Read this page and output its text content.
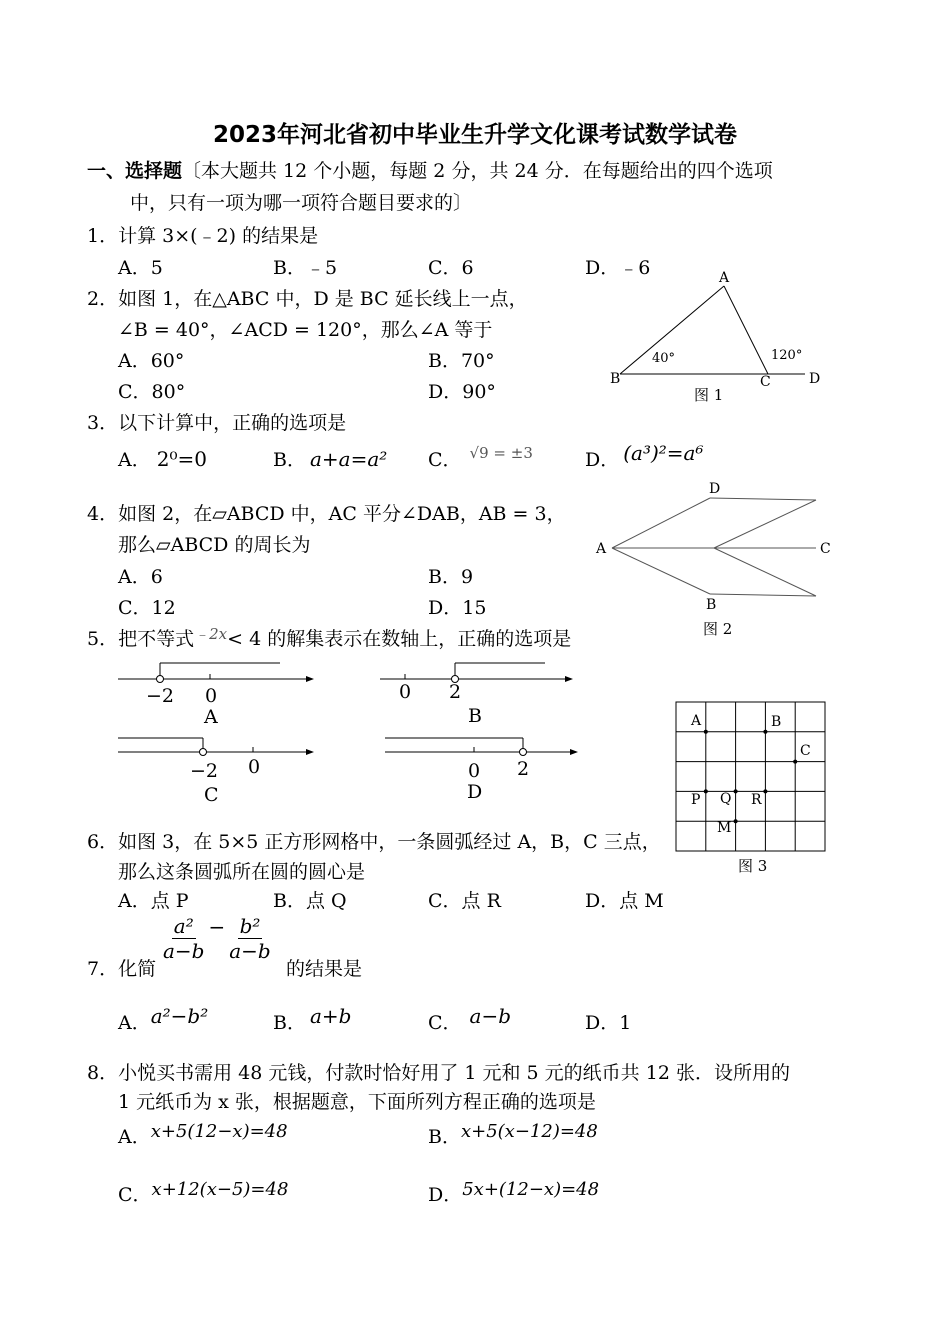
2023年河北省初中毕业生升学文化课考试数学试卷
一、选择题〔本大题共 12 个小题，每题 2 分，共 24 分．在每题给出的四个选项
中，只有一项为哪一项符合题目要求的〕
1．计算 3×(﹣2) 的结果是
A．5	B．﹣5	C．6	D．﹣6
2．如图 1，在△ABC 中，D 是 BC 延长线上一点，
∠B = 40°，∠ACD = 120°，那么∠A 等于
A．60°	B．70°
C．80°	D．90°
A
B	C	D
40°	120°
图 1
3．以下计算中，正确的选项是
A． 2⁰=0	B． a+a=a² C． $^{√9 = \pm 3}$	D． (a³)²=a⁶
4．如图 2，在▱ABCD 中，AC 平分∠DAB，AB = 3，
那么▱ABCD 的周长为
A．6	B．9
C．12	D．15
D
A	C
B
图 2
5．把不等式$^{﹣2x}$< 4 的解集表示在数轴上，正确的选项是
−2 0
A
0 2
B
−2 0
C
0 2
D
A	B
C
P Q R
M
图 3
6．如图 3，在 5×5 正方形网格中，一条圆弧经过 A，B，C 三点，
那么这条圆弧所在圆的圆心是
A．点 P	B．点 Q	C．点 R	D．点 M
7．化简
$\frac{\text{a²}}{a-b} - \frac{\text{b²}}{a-b}$
的结果是
A．a²−b²	B． a+b	C． a−b	D．1
8．小悦买书需用 48 元钱，付款时恰好用了 1 元和 5 元的纸币共 12 张．设所用的
1 元纸币为 x 张，根据题意，下面所列方程正确的选项是
A．x+5(12−x)=48	B．x+5(x−12)=48
C．x+12(x−5)=48	D．5x+(12−x)=48
